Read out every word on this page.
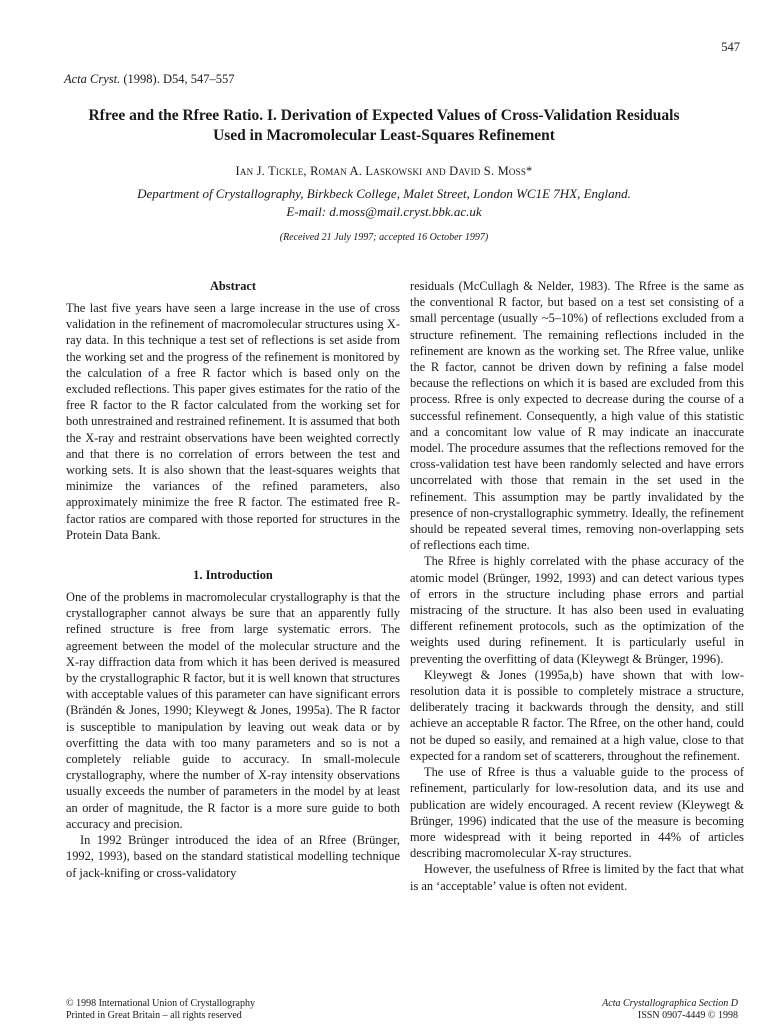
547
Acta Cryst. (1998). D54, 547–557
Rfree and the Rfree Ratio. I. Derivation of Expected Values of Cross-Validation Residuals
Used in Macromolecular Least-Squares Refinement
Ian J. Tickle, Roman A. Laskowski and David S. Moss*
Department of Crystallography, Birkbeck College, Malet Street, London WC1E 7HX, England.
E-mail: d.moss@mail.cryst.bbk.ac.uk
(Received 21 July 1997; accepted 16 October 1997)
Abstract

The last five years have seen a large increase in the use of cross validation in the refinement of macromolecular structures using X-ray data. In this technique a test set of reflections is set aside from the working set and the progress of the refinement is monitored by the calculation of a free R factor which is based only on the excluded reflections. This paper gives estimates for the ratio of the free R factor to the R factor calculated from the working set for both unrestrained and restrained refinement. It is assumed that both the X-ray and restraint observations have been weighted correctly and that there is no correlation of errors between the test and working sets. It is also shown that the least-squares weights that minimize the variances of the refined parameters, also approximately minimize the free R factor. The estimated free R-factor ratios are compared with those reported for structures in the Protein Data Bank.

1. Introduction

One of the problems in macromolecular crystallography is that the crystallographer cannot always be sure that an apparently fully refined structure is free from large systematic errors. The agreement between the model of the molecular structure and the X-ray diffraction data from which it has been derived is measured by the crystallographic R factor, but it is well known that structures with acceptable values of this parameter can have significant errors (Brändén & Jones, 1990; Kleywegt & Jones, 1995a). The R factor is susceptible to manipulation by leaving out weak data or by overfitting the data with too many parameters and so is not a completely reliable guide to accuracy. In small-molecule crystallography, where the number of X-ray intensity observations usually exceeds the number of parameters in the model by at least an order of magnitude, the R factor is a more sure guide to both accuracy and precision.

In 1992 Brünger introduced the idea of an Rfree (Brünger, 1992, 1993), based on the standard statistical modelling technique of jack-knifing or cross-validatory

residuals (McCullagh & Nelder, 1983). The Rfree is the same as the conventional R factor, but based on a test set consisting of a small percentage (usually ~5–10%) of reflections excluded from a structure refinement. The remaining reflections included in the refinement are known as the working set. The Rfree value, unlike the R factor, cannot be driven down by refining a false model because the reflections on which it is based are excluded from this process. Rfree is only expected to decrease during the course of a successful refinement. Consequently, a high value of this statistic and a concomitant low value of R may indicate an inaccurate model. The procedure assumes that the reflections removed for the cross-validation test have been randomly selected and have errors uncorrelated with those that remain in the set used in the refinement. This assumption may be partly invalidated by the presence of non-crystallographic symmetry. Ideally, the refinement should be repeated several times, removing non-overlapping sets of reflections each time.

The Rfree is highly correlated with the phase accuracy of the atomic model (Brünger, 1992, 1993) and can detect various types of errors in the structure including phase errors and partial mistracing of the structure. It has also been used in evaluating different refinement protocols, such as the optimization of the weights used during refinement. It is particularly useful in preventing the overfitting of data (Kleywegt & Brünger, 1996).

Kleywegt & Jones (1995a,b) have shown that with low-resolution data it is possible to completely mistrace a structure, deliberately tracing it backwards through the density, and still achieve an acceptable R factor. The Rfree, on the other hand, could not be duped so easily, and remained at a high value, close to that expected for a random set of scatterers, throughout the refinement.

The use of Rfree is thus a valuable guide to the process of refinement, particularly for low-resolution data, and its use and publication are widely encouraged. A recent review (Kleywegt & Brünger, 1996) indicated that the use of the measure is becoming more widespread with it being reported in 44% of articles describing macromolecular X-ray structures.

However, the usefulness of Rfree is limited by the fact that what is an ‘acceptable’ value is often not evident.

© 1998 International Union of Crystallography
Printed in Great Britain – all rights reserved
Acta Crystallographica Section D
ISSN 0907-4449 © 1998
